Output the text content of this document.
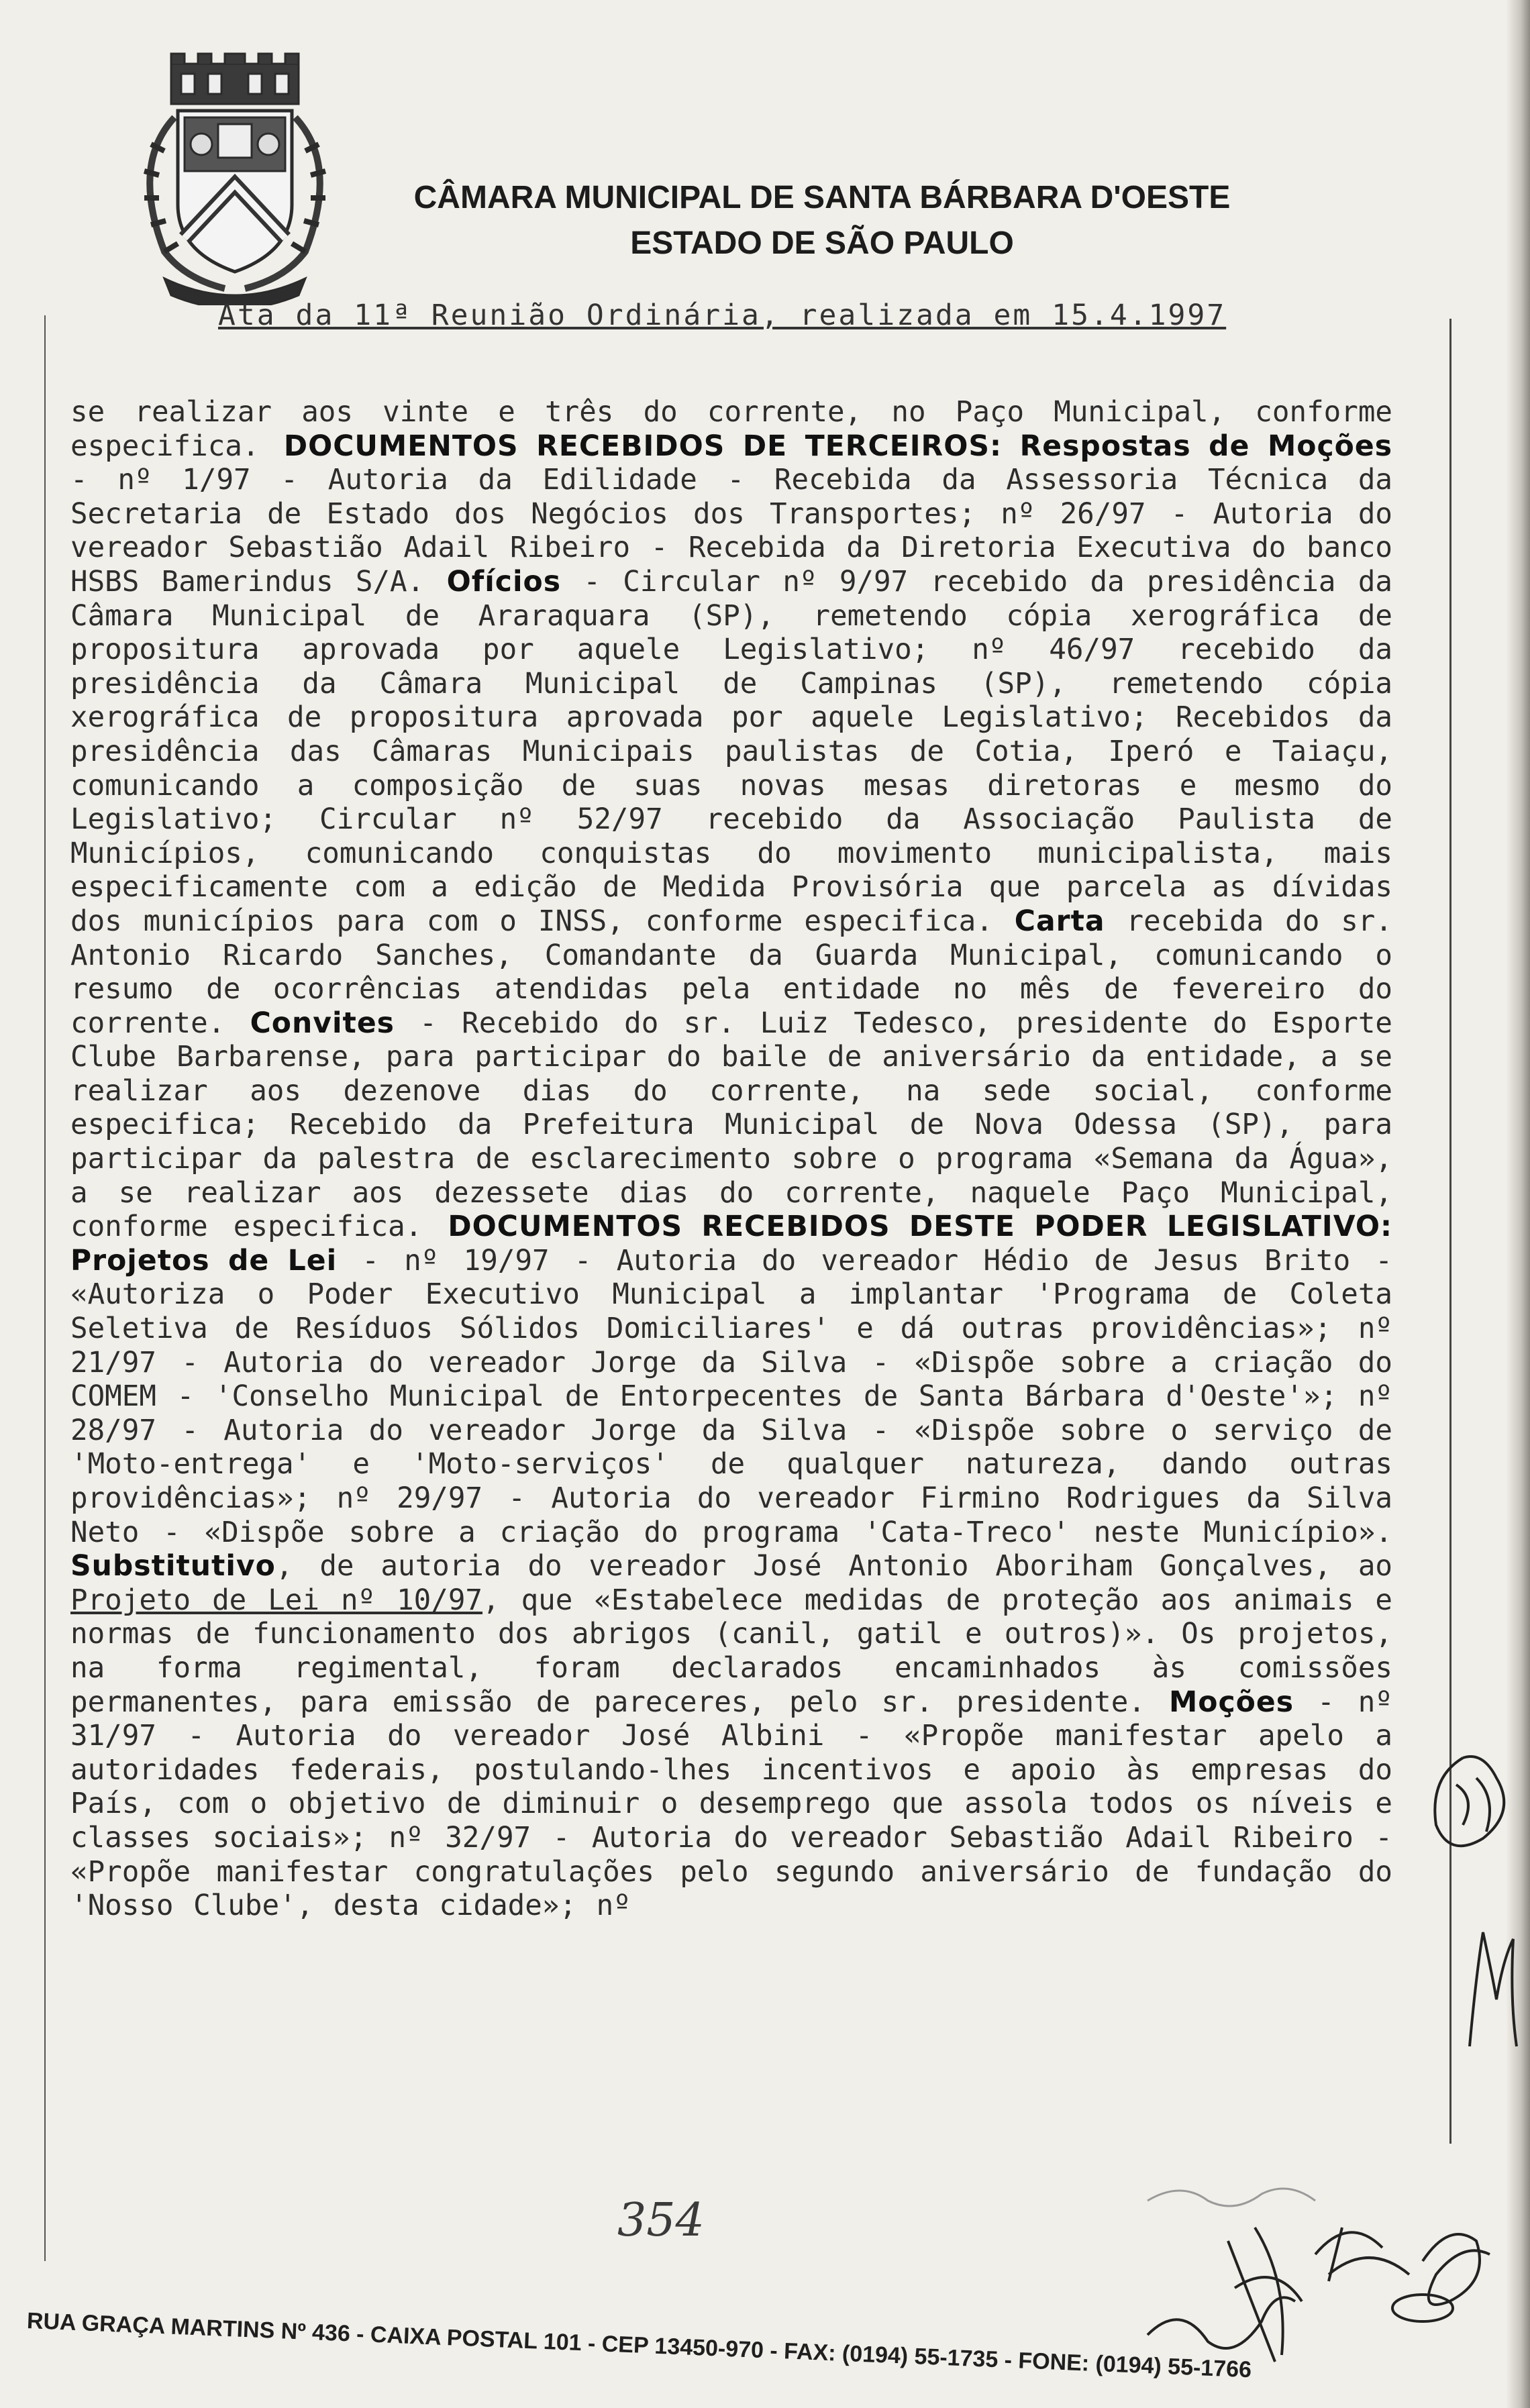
CÂMARA MUNICIPAL DE SANTA BÁRBARA D'OESTE
ESTADO DE SÃO PAULO
Ata da 11ª Reunião Ordinária, realizada em 15.4.1997
se realizar aos vinte e três do corrente, no Paço Municipal, conforme especifica. DOCUMENTOS RECEBIDOS DE TERCEIROS: Respostas de Moções - nº 1/97 - Autoria da Edilidade - Recebida da Assessoria Técnica da Secretaria de Estado dos Negócios dos Transportes; nº 26/97 - Autoria do vereador Sebastião Adail Ribeiro - Recebida da Diretoria Executiva do banco HSBS Bamerindus S/A. Ofícios - Circular nº 9/97 recebido da presidência da Câmara Municipal de Araraquara (SP), remetendo cópia xerográfica de propositura aprovada por aquele Legislativo; nº 46/97 recebido da presidência da Câmara Municipal de Campinas (SP), remetendo cópia xerográfica de propositura aprovada por aquele Legislativo; Recebidos da presidência das Câmaras Municipais paulistas de Cotia, Iperó e Taiaçu, comunicando a composição de suas novas mesas diretoras e mesmo do Legislativo; Circular nº 52/97 recebido da Associação Paulista de Municípios, comunicando conquistas do movimento municipalista, mais especificamente com a edição de Medida Provisória que parcela as dívidas dos municípios para com o INSS, conforme especifica. Carta recebida do sr. Antonio Ricardo Sanches, Comandante da Guarda Municipal, comunicando o resumo de ocorrências atendidas pela entidade no mês de fevereiro do corrente. Convites - Recebido do sr. Luiz Tedesco, presidente do Esporte Clube Barbarense, para participar do baile de aniversário da entidade, a se realizar aos dezenove dias do corrente, na sede social, conforme especifica; Recebido da Prefeitura Municipal de Nova Odessa (SP), para participar da palestra de esclarecimento sobre o programa «Semana da Água», a se realizar aos dezessete dias do corrente, naquele Paço Municipal, conforme especifica. DOCUMENTOS RECEBIDOS DESTE PODER LEGISLATIVO: Projetos de Lei - nº 19/97 - Autoria do vereador Hédio de Jesus Brito - «Autoriza o Poder Executivo Municipal a implantar 'Programa de Coleta Seletiva de Resíduos Sólidos Domiciliares' e dá outras providências»; nº 21/97 - Autoria do vereador Jorge da Silva - «Dispõe sobre a criação do COMEM - 'Conselho Municipal de Entorpecentes de Santa Bárbara d'Oeste'»; nº 28/97 - Autoria do vereador Jorge da Silva - «Dispõe sobre o serviço de 'Moto-entrega' e 'Moto-serviços' de qualquer natureza, dando outras providências»; nº 29/97 - Autoria do vereador Firmino Rodrigues da Silva Neto - «Dispõe sobre a criação do programa 'Cata-Treco' neste Município». Substitutivo, de autoria do vereador José Antonio Aboriham Gonçalves, ao Projeto de Lei nº 10/97, que «Estabelece medidas de proteção aos animais e normas de funcionamento dos abrigos (canil, gatil e outros)». Os projetos, na forma regimental, foram declarados encaminhados às comissões permanentes, para emissão de pareceres, pelo sr. presidente. Moções - nº 31/97 - Autoria do vereador José Albini - «Propõe manifestar apelo a autoridades federais, postulando-lhes incentivos e apoio às empresas do País, com o objetivo de diminuir o desemprego que assola todos os níveis e classes sociais»; nº 32/97 - Autoria do vereador Sebastião Adail Ribeiro - «Propõe manifestar congratulações pelo segundo aniversário de fundação do 'Nosso Clube', desta cidade»; nº
354
RUA GRAÇA MARTINS Nº 436 - CAIXA POSTAL 101 - CEP 13450-970 - FAX: (0194) 55-1735 - FONE: (0194) 55-1766
